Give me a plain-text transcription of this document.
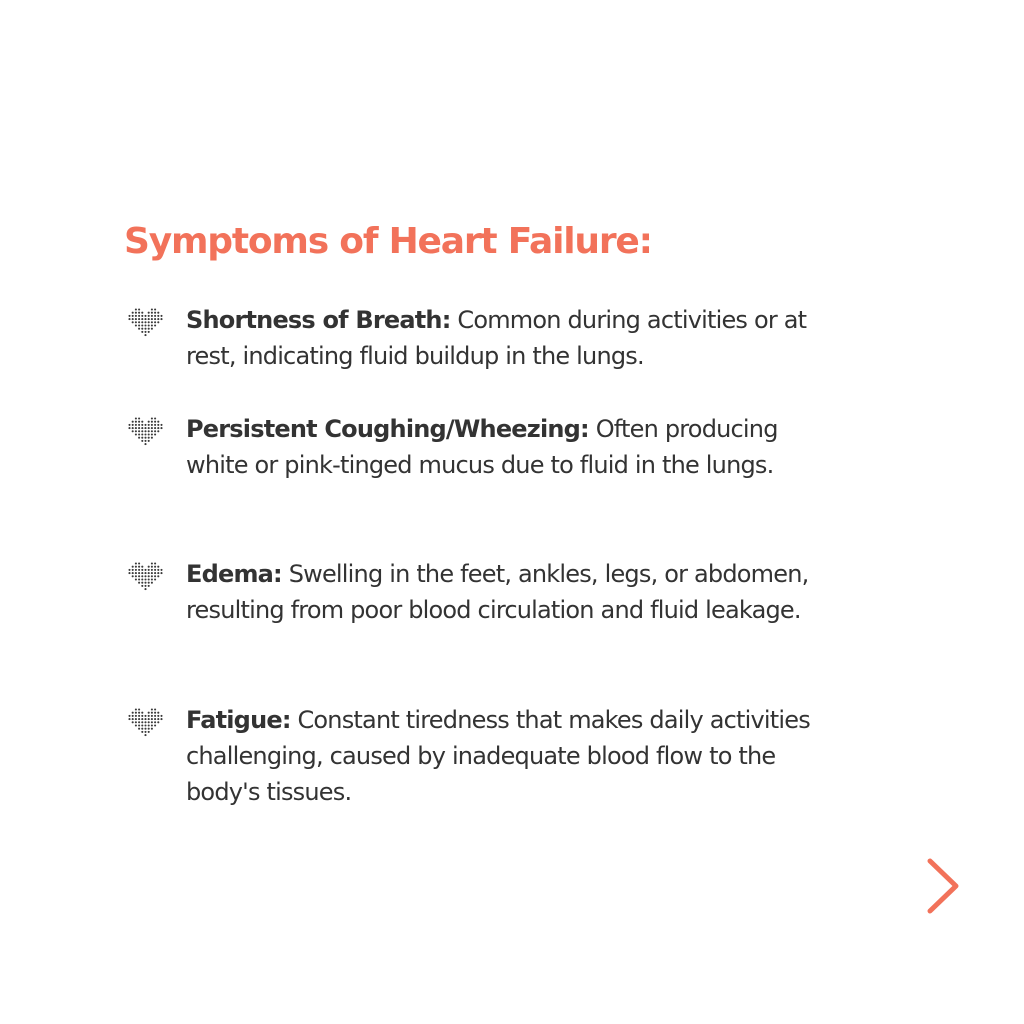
Symptoms of Heart Failure:

Shortness of Breath: Common during activities or at rest, indicating fluid buildup in the lungs.

Persistent Coughing/Wheezing: Often producing white or pink-tinged mucus due to fluid in the lungs.

Edema: Swelling in the feet, ankles, legs, or abdomen, resulting from poor blood circulation and fluid leakage.

Fatigue: Constant tiredness that makes daily activities challenging, caused by inadequate blood flow to the body's tissues.
